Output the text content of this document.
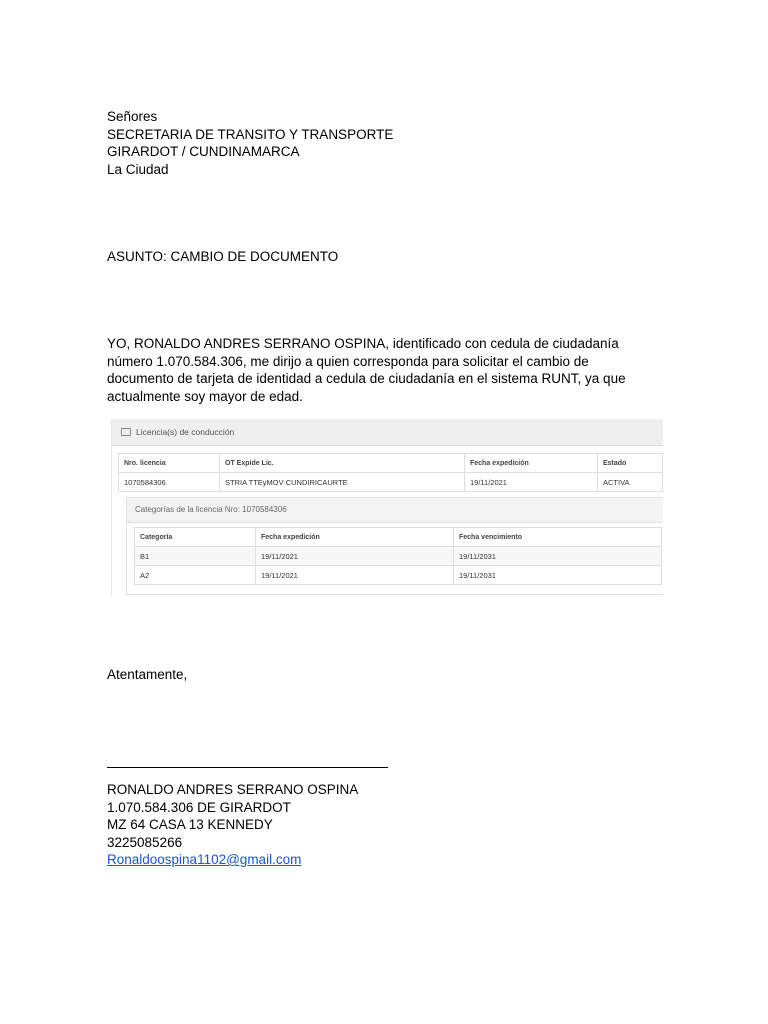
Señores
SECRETARIA DE TRANSITO Y TRANSPORTE
GIRARDOT / CUNDINAMARCA
La Ciudad
ASUNTO: CAMBIO DE DOCUMENTO
YO, RONALDO ANDRES SERRANO OSPINA, identificado con cedula de ciudadanía número 1.070.584.306, me dirijo a quien corresponda para solicitar el cambio de documento de tarjeta de identidad a cedula de ciudadanía en el sistema RUNT, ya que actualmente soy mayor de edad.
Atentamente,
RONALDO ANDRES SERRANO OSPINA
1.070.584.306 DE GIRARDOT
MZ 64 CASA 13 KENNEDY
3225085266
Ronaldoospina1102@gmail.com
Licencia(s) de conducción
Nro. licencia	OT Expide Lic.	Fecha expedición	Estado
1070584306	STRIA TTEyMOV CUNDIRICAURTE	19/11/2021	ACTIVA
Categorías de la licencia Nro: 1070584306
Categoría	Fecha expedición	Fecha vencimiento
B1	19/11/2021	19/11/2031
A2	19/11/2021	19/11/2031
